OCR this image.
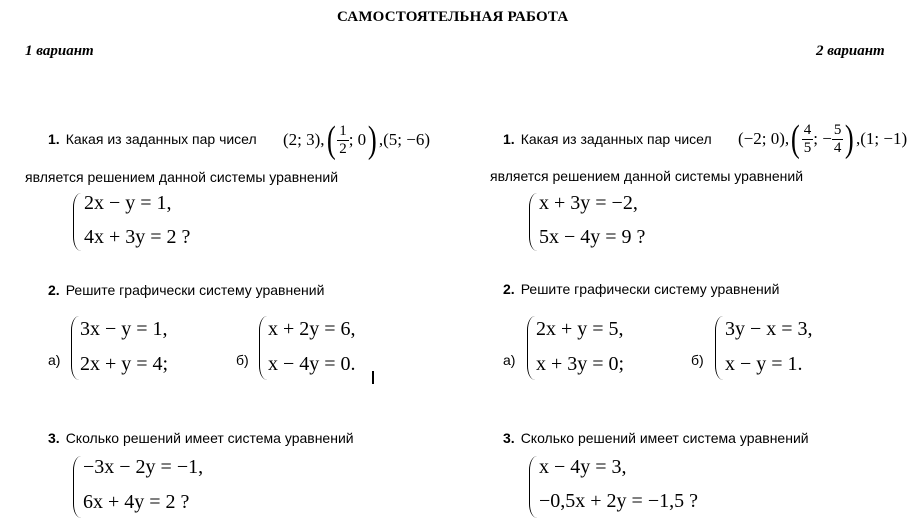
САМОСТОЯТЕЛЬНАЯ РАБОТА
1 вариант	2 вариант
1. Какая из заданных пар чисел (2; 3), ( $\frac{1}{2}$ ; 0 ) ,(5; −6)
является решением данной системы уравнений
2x − y = 1,
4x + 3y = 2 ?
2. Решите графически систему уравнений
а)
3x − y = 1,
2x + y = 4;	б)
x + 2y = 6,
x − 4y = 0.
3. Сколько решений имеет система уравнений
−3x − 2y = −1,
6x + 4y = 2 ?
1. Какая из заданных пар чисел (−2; 0), ( $\frac{4}{5}$ ; − $\frac{5}{4}$ ) ,(1; −1)
является решением данной системы уравнений
x + 3y = −2,
5x − 4y = 9 ?
2. Решите графически систему уравнений
а)
2x + y = 5,
x + 3y = 0;	б)
3y − x = 3,
x − y = 1.
3. Сколько решений имеет система уравнений
x − 4y = 3,
−0,5x + 2y = −1,5 ?
